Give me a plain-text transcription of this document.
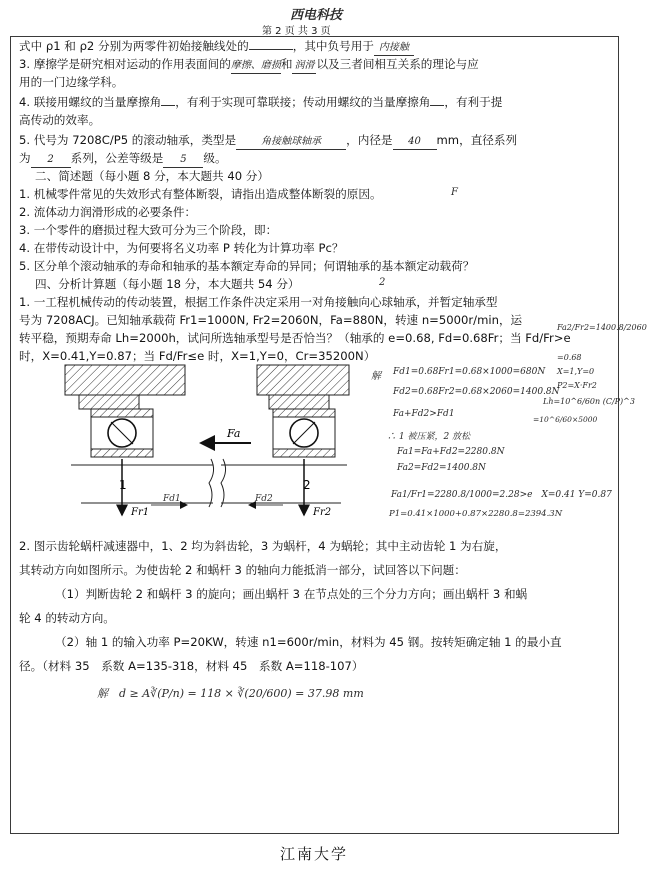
西电科技
第 2 页 共 3 页
式中 ρ1 和 ρ2 分别为两零件初始接触线处的	，其中负号用于 内接触
3. 摩擦学是研究相对运动的作用表面间的摩擦、磨损和 润滑 以及三者间相互关系的理论与应
用的一门边缘学科。
4. 联接用螺纹的当量摩擦角 ，有利于实现可靠联接；传动用螺纹的当量摩擦角 ，有利于提
高传动的效率。
5. 代号为 7208C/P5 的滚动轴承，类型是	角接触球轴承 ，内径是 40 mm，直径系列
为 2 系列，公差等级是 5 级。
二、简述题（每小题 8 分，本大题共 40 分）
1. 机械零件常见的失效形式有整体断裂，请指出造成整体断裂的原因。	F
2. 流体动力润滑形成的必要条件：
3. 一个零件的磨损过程大致可分为三个阶段，即：
4. 在带传动设计中，为何要将名义功率 P 转化为计算功率 Pc？
5. 区分单个滚动轴承的寿命和轴承的基本额定寿命的异同；何谓轴承的基本额定动载荷？
2
四、分析计算题（每小题 18 分，本大题共 54 分）
1. 一工程机械传动的传动装置，根据工作条件决定采用一对角接触向心球轴承，并暂定轴承型
号为 7208ACJ。已知轴承载荷 Fr1=1000N, Fr2=2060N，Fa=880N，转速 n=5000r/min，运
转平稳，预期寿命 Lh=2000h，试问所选轴承型号是否恰当？（轴承的 e=0.68, Fd=0.68Fr；当 Fd/Fr>e
时，X=0.41,Y=0.87；当 Fd/Fr≤e 时，X=1,Y=0，Cr=35200N）
Fa
1	2
Fr1	Fr2
Fd1	Fd2
解 Fd1=0.68Fr1=0.68×1000=680N
Fd2=0.68Fr2=0.68×2060=1400.8N
Fa+Fd2>Fd1
∴ 1 被压紧，2 放松
Fa1=Fa+Fd2=2280.8N
Fa2=Fd2=1400.8N
Fa1/Fr1=2280.8/1000=2.28>e　X=0.41 Y=0.87
P1=0.41×1000+0.87×2280.8=2394.3N
Fa2/Fr2=1400.8/2060
=0.68
X=1,Y=0
P2=X·Fr2
Lh=10^6/60n (C/P)^3
=10^6/60×5000
2. 图示齿轮蜗杆减速器中，1、2 均为斜齿轮，3 为蜗杆，4 为蜗轮；其中主动齿轮 1 为右旋，
其转动方向如图所示。为使齿轮 2 和蜗杆 3 的轴向力能抵消一部分，试回答以下问题：
（1）判断齿轮 2 和蜗杆 3 的旋向；画出蜗杆 3 在节点处的三个分力方向；画出蜗杆 3 和蜗
轮 4 的转动方向。
（2）轴 1 的输入功率 P=20KW，转速 n1=600r/min，材料为 45 钢。按转矩确定轴 1 的最小直
径。（材料 35　系数 A=135-318，材料 45　系数 A=118-107）
解　d ≥ A∛(P/n) = 118 × ∛(20/600) = 37.98 mm
江南大学
